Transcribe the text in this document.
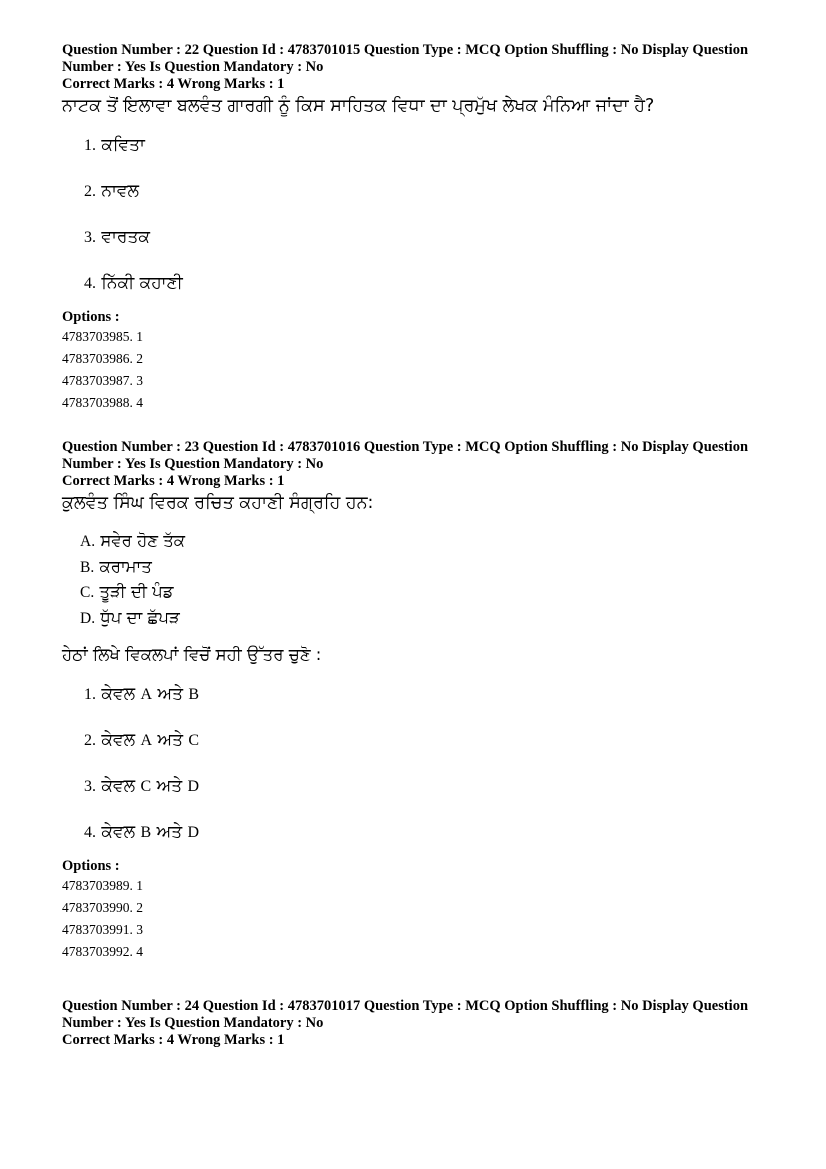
Question Number : 22 Question Id : 4783701015 Question Type : MCQ Option Shuffling : No Display Question
Number : Yes Is Question Mandatory : No
Correct Marks : 4 Wrong Marks : 1
ਨਾਟਕ ਤੋਂ ਇਲਾਵਾ ਬਲਵੰਤ ਗਾਰਗੀ ਨੂੰ ਕਿਸ ਸਾਹਿਤਕ ਵਿਧਾ ਦਾ ਪ੍ਰਮੁੱਖ ਲੇਖਕ ਮੰਨਿਆ ਜਾਂਦਾ ਹੈ?
1. ਕਵਿਤਾ
2. ਨਾਵਲ
3. ਵਾਰਤਕ
4. ਨਿੱਕੀ ਕਹਾਣੀ
Options :
4783703985. 1
4783703986. 2
4783703987. 3
4783703988. 4
Question Number : 23 Question Id : 4783701016 Question Type : MCQ Option Shuffling : No Display Question
Number : Yes Is Question Mandatory : No
Correct Marks : 4 Wrong Marks : 1
ਕੁਲਵੰਤ ਸਿੰਘ ਵਿਰਕ ਰਚਿਤ ਕਹਾਣੀ ਸੰਗ੍ਰਹਿ ਹਨ:
A. ਸਵੇਰ ਹੋਣ ਤੱਕ
B. ਕਰਾਮਾਤ
C. ਤੂੜੀ ਦੀ ਪੰਡ
D. ਧੁੱਪ ਦਾ ਛੱਪੜ
ਹੇਠਾਂ ਲਿਖੇ ਵਿਕਲਪਾਂ ਵਿਚੋਂ ਸਹੀ ਉੱਤਰ ਚੁਣੋ :
1. ਕੇਵਲ A ਅਤੇ B
2. ਕੇਵਲ A ਅਤੇ C
3. ਕੇਵਲ C ਅਤੇ D
4. ਕੇਵਲ B ਅਤੇ D
Options :
4783703989. 1
4783703990. 2
4783703991. 3
4783703992. 4
Question Number : 24 Question Id : 4783701017 Question Type : MCQ Option Shuffling : No Display Question
Number : Yes Is Question Mandatory : No
Correct Marks : 4 Wrong Marks : 1
